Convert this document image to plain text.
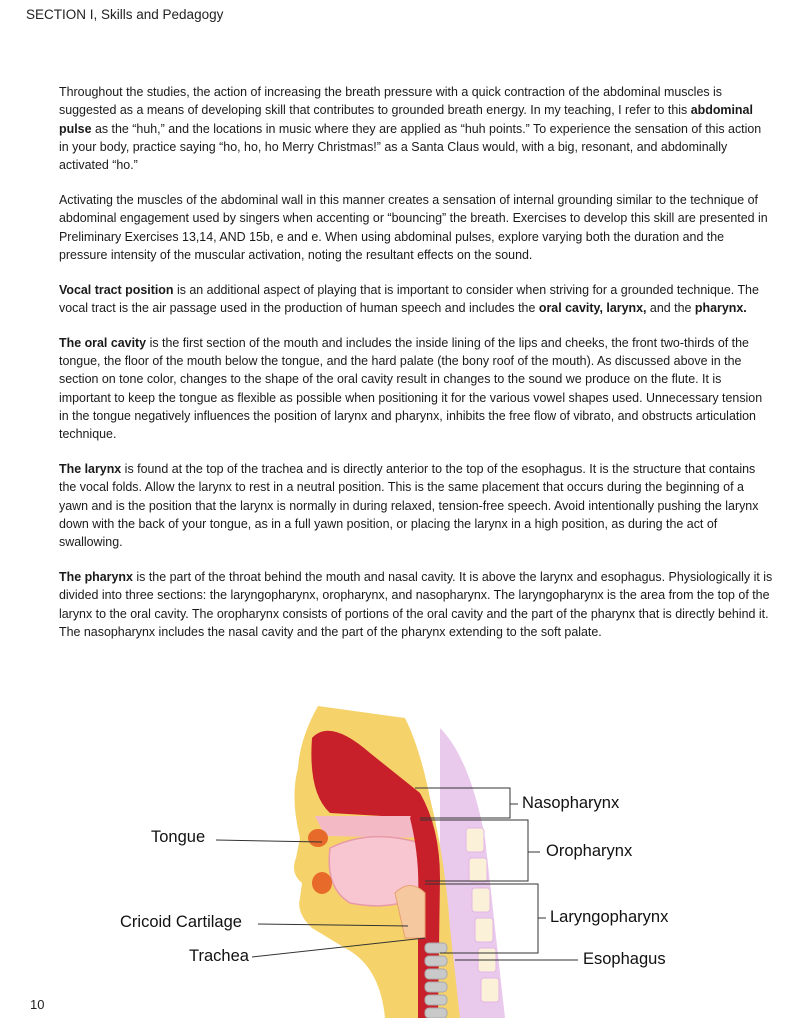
SECTION I, Skills and Pedagogy

Throughout the studies, the action of increasing the breath pressure with a quick contraction of the abdominal muscles is suggested as a means of developing skill that contributes to grounded breath energy. In my teaching, I refer to this abdominal pulse as the “huh,” and the locations in music where they are applied as “huh points.” To experience the sensation of this action in your body, practice saying “ho, ho, ho Merry Christmas!” as a Santa Claus would, with a big, resonant, and abdominally activated “ho.”

Activating the muscles of the abdominal wall in this manner creates a sensation of internal grounding similar to the technique of abdominal engagement used by singers when accenting or “bouncing” the breath. Exercises to develop this skill are presented in Preliminary Exercises 13,14, AND 15b, e and e. When using abdominal pulses, explore varying both the duration and the pressure intensity of the muscular activation, noting the resultant effects on the sound.

Vocal tract position is an additional aspect of playing that is important to consider when striving for a grounded technique. The vocal tract is the air passage used in the production of human speech and includes the oral cavity, larynx, and the pharynx.

The oral cavity is the first section of the mouth and includes the inside lining of the lips and cheeks, the front two-thirds of the tongue, the floor of the mouth below the tongue, and the hard palate (the bony roof of the mouth). As discussed above in the section on tone color, changes to the shape of the oral cavity result in changes to the sound we produce on the flute. It is important to keep the tongue as flexible as possible when positioning it for the various vowel shapes used. Unnecessary tension in the tongue negatively influences the position of larynx and pharynx, inhibits the free flow of vibrato, and obstructs articulation technique.

The larynx is found at the top of the trachea and is directly anterior to the top of the esophagus. It is the structure that contains the vocal folds. Allow the larynx to rest in a neutral position. This is the same placement that occurs during the beginning of a yawn and is the position that the larynx is normally in during relaxed, tension-free speech. Avoid intentionally pushing the larynx down with the back of your tongue, as in a full yawn position, or placing the larynx in a high position, as during the act of swallowing.

The pharynx is the part of the throat behind the mouth and nasal cavity. It is above the larynx and esophagus. Physiologically it is divided into three sections: the laryngopharynx, oropharynx, and nasopharynx. The laryngopharynx is the area from the top of the larynx to the oral cavity. The oropharynx consists of portions of the oral cavity and the part of the pharynx that is directly behind it. The nasopharynx includes the nasal cavity and the part of the pharynx extending to the soft palate.

Nasopharynx
Oropharynx
Laryngopharynx
Esophagus
Tongue
Cricoid Cartilage
Trachea
10
